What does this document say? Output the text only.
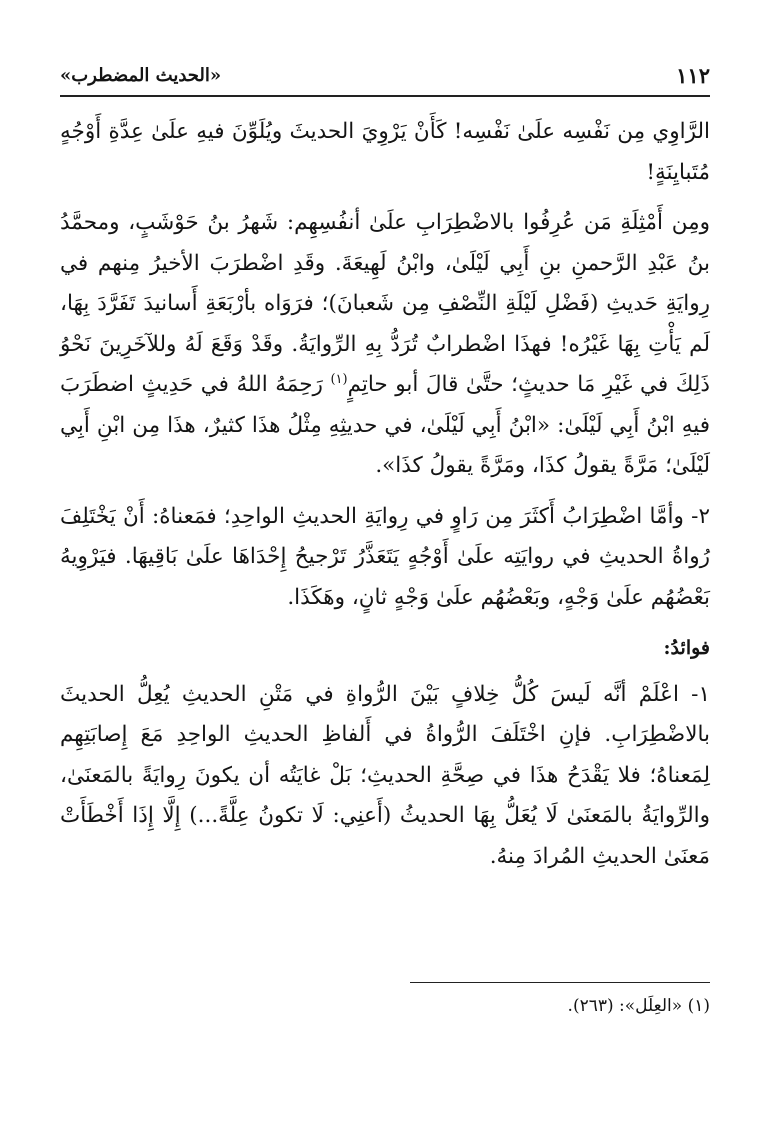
١١٢
«الحديث المضطرب»

الرَّاوِي مِن نَفْسِه علَىٰ نَفْسِه! كَأَنْ يَرْوِيَ الحديثَ ويُلَوِّنَ فيهِ علَىٰ عِدَّةِ أَوْجُهٍ مُتَبايِنَةٍ!

ومِن أَمْثِلَةِ مَن عُرِفُوا بالاضْطِرَابِ علَىٰ أنفُسِهِم: شَهرُ بنُ حَوْشَبٍ، ومحمَّدُ بنُ عَبْدِ الرَّحمنِ بنِ أَبِي لَيْلَىٰ، وابْنُ لَهِيعَةَ. وقَدِ اضْطرَبَ الأخيرُ مِنهم في رِوايَةِ حَديثِ (فَضْلِ لَيْلَةِ النِّصْفِ مِن شَعبانَ)؛ فرَوَاه بأرْبَعَةِ أَسانيدَ تَفَرَّدَ بِهَا، لَم يَأْتِ بِهَا غَيْرُه! فهذَا اضْطرابٌ تُرَدُّ بِهِ الرِّوايَةُ. وقَدْ وَقَعَ لَهُ وللآخَرِينَ نَحْوُ ذَلِكَ في غَيْرِ مَا حديثٍ؛ حتَّىٰ قالَ أبو حاتِمٍ$^{(١)}$ رَحِمَهُ اللهُ في حَدِيثٍ اضطَرَبَ فيهِ ابْنُ أَبِي لَيْلَىٰ: «ابْنُ أَبِي لَيْلَىٰ، في حديثِهِ مِثْلُ هذَا كثيرٌ، هذَا مِن ابْنِ أَبِي لَيْلَىٰ؛ مَرَّةً يقولُ كذَا، ومَرَّةً يقولُ كذَا».

٢- وأمَّا اضْطِرَابُ أَكثَرَ مِن رَاوٍ في رِوايَةِ الحديثِ الواحِدِ؛ فمَعناهُ: أَنْ يَخْتَلِفَ رُواةُ الحديثِ في روايَتِه علَىٰ أَوْجُهٍ يَتَعَذَّرُ تَرْجيحُ إِحْدَاهَا علَىٰ بَاقِيهَا. فيَرْوِيهُ بَعْضُهُم علَىٰ وَجْهٍ، وبَعْضُهُم علَىٰ وَجْهٍ ثانٍ، وهَكَذَا.

فوائدُ:

١- اعْلَمْ أنَّه لَيسَ كُلُّ خِلافٍ بَيْنَ الرُّواةِ في مَتْنِ الحديثِ يُعِلُّ الحديثَ بالاضْطِرَابِ. فإنِ اخْتَلَفَ الرُّواةُ في أَلفاظِ الحديثِ الواحِدِ مَعَ إِصابَتِهِم لِمَعناهُ؛ فلا يَقْدَحُ هذَا في صِحَّةِ الحديثِ؛ بَلْ غايَتُه أن يكونَ رِوايَةً بالمَعنَىٰ، والرِّوايَةُ بالمَعنَىٰ لَا يُعَلُّ بِهَا الحديثُ (أَعنِي: لَا تكونُ عِلَّةً...) إِلَّا إِذَا أَخْطَأَتْ مَعنَىٰ الحديثِ المُرادَ مِنهُ.

(١) «العِلَل»: (٢٦٣).
